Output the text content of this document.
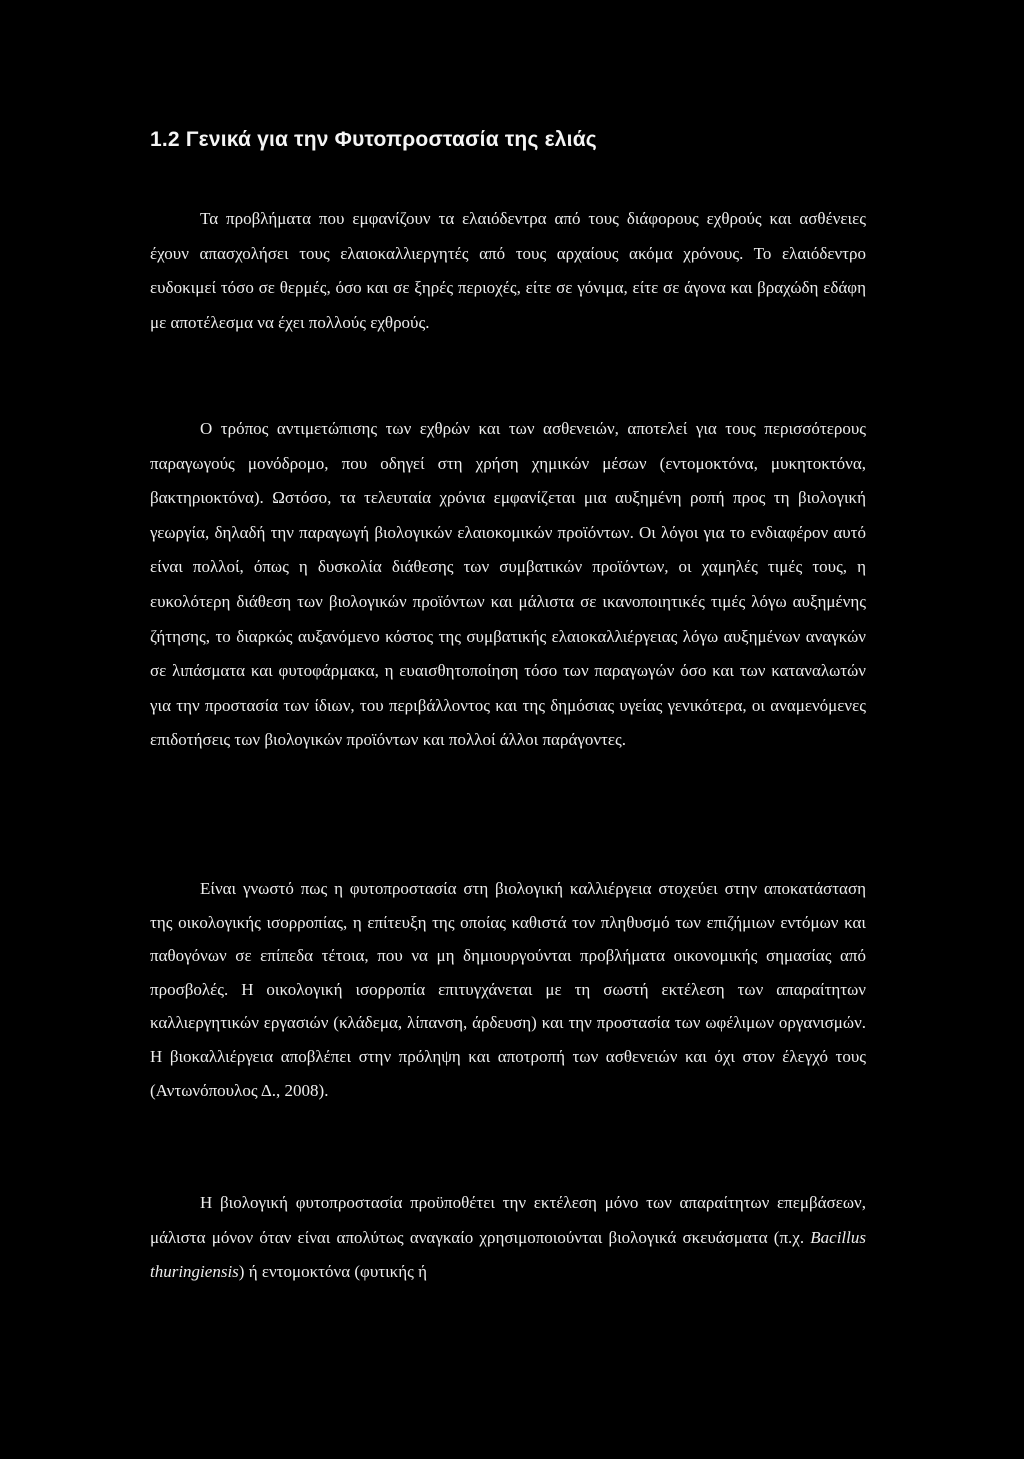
1.2 Γενικά για την Φυτοπροστασία της ελιάς

Τα προβλήματα που εμφανίζουν τα ελαιόδεντρα από τους διάφορους εχθρούς και ασθένειες έχουν απασχολήσει τους ελαιοκαλλιεργητές από τους αρχαίους ακόμα χρόνους. Το ελαιόδεντρο ευδοκιμεί τόσο σε θερμές, όσο και σε ξηρές περιοχές, είτε σε γόνιμα, είτε σε άγονα και βραχώδη εδάφη με αποτέλεσμα να έχει πολλούς εχθρούς.

Ο τρόπος αντιμετώπισης των εχθρών και των ασθενειών, αποτελεί για τους περισσότερους παραγωγούς μονόδρομο, που οδηγεί στη χρήση χημικών μέσων (εντομοκτόνα, μυκητοκτόνα, βακτηριοκτόνα). Ωστόσο, τα τελευταία χρόνια εμφανίζεται μια αυξημένη ροπή προς τη βιολογική γεωργία, δηλαδή την παραγωγή βιολογικών ελαιοκομικών προϊόντων. Οι λόγοι για το ενδιαφέρον αυτό είναι πολλοί, όπως η δυσκολία διάθεσης των συμβατικών προϊόντων, οι χαμηλές τιμές τους, η ευκολότερη διάθεση των βιολογικών προϊόντων και μάλιστα σε ικανοποιητικές τιμές λόγω αυξημένης ζήτησης, το διαρκώς αυξανόμενο κόστος της συμβατικής ελαιοκαλλιέργειας λόγω αυξημένων αναγκών σε λιπάσματα και φυτοφάρμακα, η ευαισθητοποίηση τόσο των παραγωγών όσο και των καταναλωτών για την προστασία των ίδιων, του περιβάλλοντος και της δημόσιας υγείας γενικότερα, οι αναμενόμενες επιδοτήσεις των βιολογικών προϊόντων και πολλοί άλλοι παράγοντες.

Είναι γνωστό πως η φυτοπροστασία στη βιολογική καλλιέργεια στοχεύει στην αποκατάσταση της οικολογικής ισορροπίας, η επίτευξη της οποίας καθιστά τον πληθυσμό των επιζήμιων εντόμων και παθογόνων σε επίπεδα τέτοια, που να μη δημιουργούνται προβλήματα οικονομικής σημασίας από προσβολές. Η οικολογική ισορροπία επιτυγχάνεται με τη σωστή εκτέλεση των απαραίτητων καλλιεργητικών εργασιών (κλάδεμα, λίπανση, άρδευση) και την προστασία των ωφέλιμων οργανισμών. Η βιοκαλλιέργεια αποβλέπει στην πρόληψη και αποτροπή των ασθενειών και όχι στον έλεγχό τους (Αντωνόπουλος Δ., 2008).

Η βιολογική φυτοπροστασία προϋποθέτει την εκτέλεση μόνο των απαραίτητων επεμβάσεων, μάλιστα μόνον όταν είναι απολύτως αναγκαίο χρησιμοποιούνται βιολογικά σκευάσματα (π.χ. Bacillus thuringiensis) ή εντομοκτόνα (φυτικής ή
